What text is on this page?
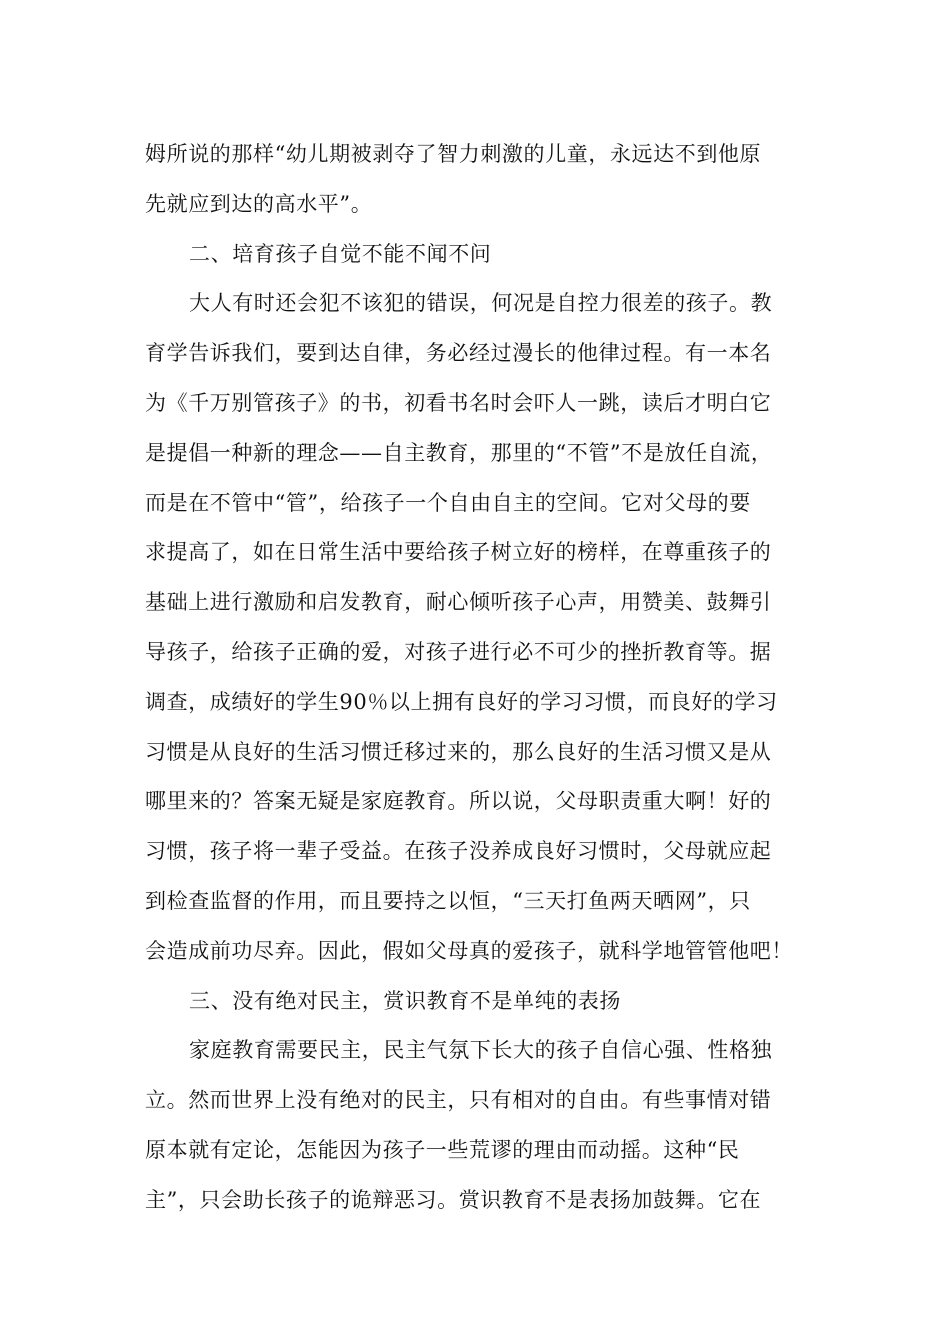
姆所说的那样“幼儿期被剥夺了智力刺激的儿童，永远达不到他原
先就应到达的高水平”。
二、培育孩子自觉不能不闻不问
大人有时还会犯不该犯的错误，何况是自控力很差的孩子。教
育学告诉我们，要到达自律，务必经过漫长的他律过程。有一本名
为《千万别管孩子》的书，初看书名时会吓人一跳，读后才明白它
是提倡一种新的理念——自主教育，那里的“不管”不是放任自流，
而是在不管中“管”，给孩子一个自由自主的空间。它对父母的要
求提高了，如在日常生活中要给孩子树立好的榜样，在尊重孩子的
基础上进行激励和启发教育，耐心倾听孩子心声，用赞美、鼓舞引
导孩子，给孩子正确的爱，对孩子进行必不可少的挫折教育等。据
调查，成绩好的学生90％以上拥有良好的学习习惯，而良好的学习
习惯是从良好的生活习惯迁移过来的，那么良好的生活习惯又是从
哪里来的？答案无疑是家庭教育。所以说，父母职责重大啊！好的
习惯，孩子将一辈子受益。在孩子没养成良好习惯时，父母就应起
到检查监督的作用，而且要持之以恒，“三天打鱼两天晒网”，只
会造成前功尽弃。因此，假如父母真的爱孩子，就科学地管管他吧！
三、没有绝对民主，赏识教育不是单纯的表扬
家庭教育需要民主，民主气氛下长大的孩子自信心强、性格独
立。然而世界上没有绝对的民主，只有相对的自由。有些事情对错
原本就有定论，怎能因为孩子一些荒谬的理由而动摇。这种“民
主”，只会助长孩子的诡辩恶习。赏识教育不是表扬加鼓舞。它在
